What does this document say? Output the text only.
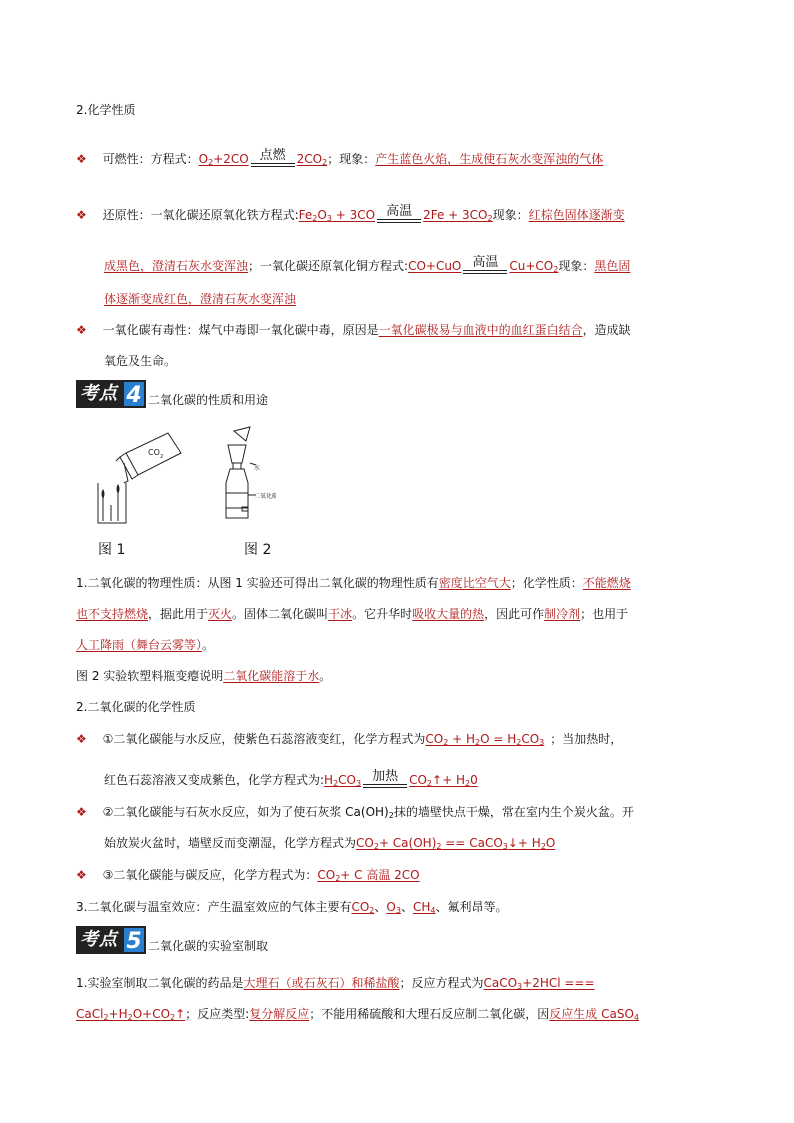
2.化学性质
❖ 可燃性：方程式：$O_2+2CO$ 点燃 $2CO_2$；现象：产生蓝色火焰，生成使石灰水变浑浊的气体
❖ 还原性：一氧化碳还原氧化铁方程式$:Fe_2O_3 + 3CO$ 高温 $2Fe + 3CO_2$现象：红棕色固体逐渐变
成黑色，澄清石灰水变浑浊；一氧化碳还原氧化铜方程式:CO+CuO 高温 $Cu+CO_2$现象：黑色固
体逐渐变成红色，澄清石灰水变浑浊
❖ 一氧化碳有毒性：煤气中毒即一氧化碳中毒，原因是一氧化碳极易与血液中的血红蛋白结合，造成缺
氧危及生命。
考点 4 二氧化碳的性质和用途
CO 2
水
二氧化碳
图 1	图 2
1.二氧化碳的物理性质：从图 1 实验还可得出二氧化碳的物理性质有密度比空气大；化学性质：不能燃烧
也不支持燃烧，据此用于灭火。固体二氧化碳叫干冰。它升华时吸收大量的热，因此可作制冷剂；也用于
人工降雨（舞台云雾等）。
图 2 实验软塑料瓶变瘪说明二氧化碳能溶于水。
2.二氧化碳的化学性质
❖ ①二氧化碳能与水反应，使紫色石蕊溶液变红，化学方程式为$CO_2 + H_2O = H_2CO_3$ ；当加热时，
红色石蕊溶液又变成紫色，化学方程式为$:H_2CO_3$ 加热 $CO_2↑+ H_20$
❖ ②二氧化碳能与石灰水反应，如为了使石灰浆 $Ca(OH)_2$抹的墙壁快点干燥，常在室内生个炭火盆。开
始放炭火盆时，墙壁反而变潮湿，化学方程式为$CO_2+ Ca(OH)_2$ == CaCO$_3$↓+ $H_2O$
❖ ③二氧化碳能与碳反应，化学方程式为：$CO_2+ C$ 高温 2CO
3.二氧化碳与温室效应：产生温室效应的气体主要有$CO_2$、$O_3$、$CH_4$、氟利昂等。
考点 5 二氧化碳的实验室制取
1.实验室制取二氧化碳的药品是大理石（或石灰石）和稀盐酸；反应方程式为CaCO$_3$+2HCl ===
$CaCl_2+H_2O+CO_2↑$；反应类型:复分解反应；不能用稀硫酸和大理石反应制二氧化碳，因反应生成 CaSO$_4$
